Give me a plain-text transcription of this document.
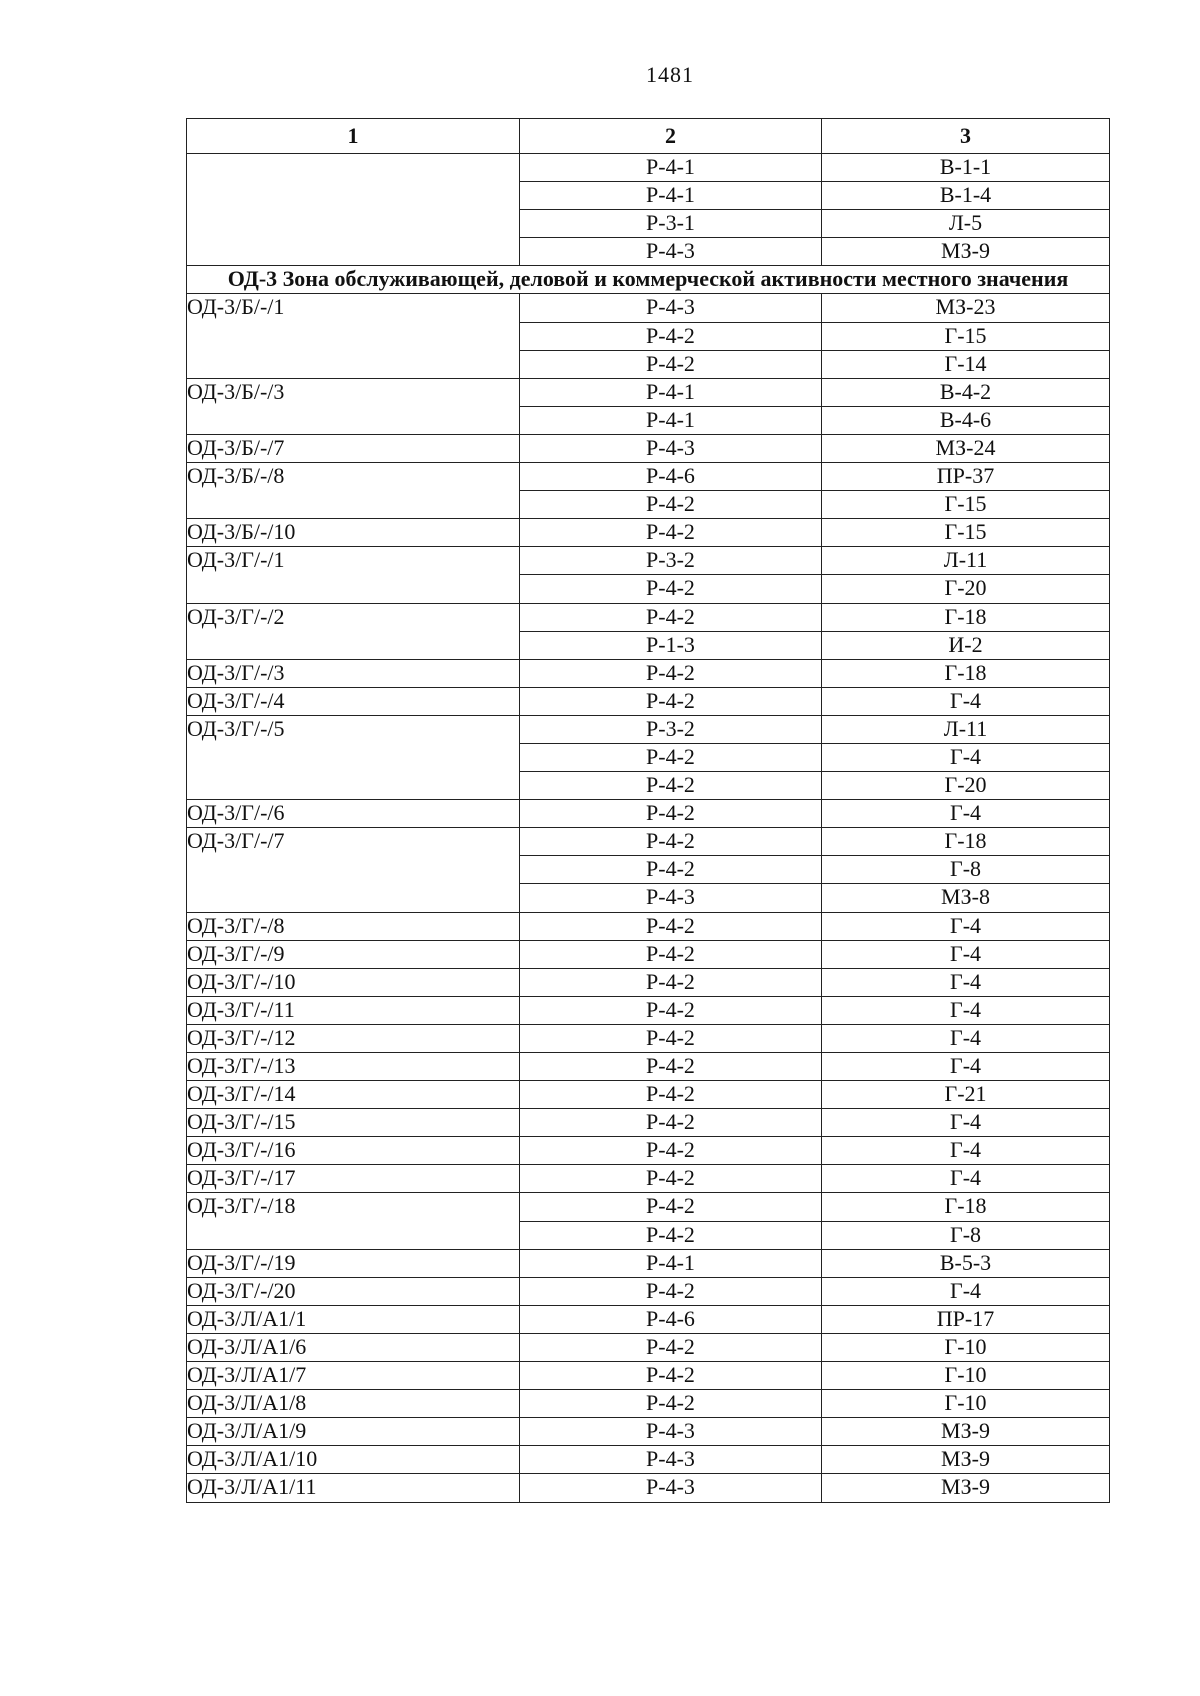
1481
1	2	3
	Р-4-1	В-1-1
	Р-4-1	В-1-4
	Р-3-1	Л-5
	Р-4-3	МЗ-9
ОД-3 Зона обслуживающей, деловой и коммерческой активности местного значения		
ОД-3/Б/-/1	Р-4-3	МЗ-23
	Р-4-2	Г-15
	Р-4-2	Г-14
ОД-3/Б/-/3	Р-4-1	В-4-2
	Р-4-1	В-4-6
ОД-3/Б/-/7	Р-4-3	МЗ-24
ОД-3/Б/-/8	Р-4-6	ПР-37
	Р-4-2	Г-15
ОД-3/Б/-/10	Р-4-2	Г-15
ОД-3/Г/-/1	Р-3-2	Л-11
	Р-4-2	Г-20
ОД-3/Г/-/2	Р-4-2	Г-18
	Р-1-3	И-2
ОД-3/Г/-/3	Р-4-2	Г-18
ОД-3/Г/-/4	Р-4-2	Г-4
ОД-3/Г/-/5	Р-3-2	Л-11
	Р-4-2	Г-4
	Р-4-2	Г-20
ОД-3/Г/-/6	Р-4-2	Г-4
ОД-3/Г/-/7	Р-4-2	Г-18
	Р-4-2	Г-8
	Р-4-3	МЗ-8
ОД-3/Г/-/8	Р-4-2	Г-4
ОД-3/Г/-/9	Р-4-2	Г-4
ОД-3/Г/-/10	Р-4-2	Г-4
ОД-3/Г/-/11	Р-4-2	Г-4
ОД-3/Г/-/12	Р-4-2	Г-4
ОД-3/Г/-/13	Р-4-2	Г-4
ОД-3/Г/-/14	Р-4-2	Г-21
ОД-3/Г/-/15	Р-4-2	Г-4
ОД-3/Г/-/16	Р-4-2	Г-4
ОД-3/Г/-/17	Р-4-2	Г-4
ОД-3/Г/-/18	Р-4-2	Г-18
	Р-4-2	Г-8
ОД-3/Г/-/19	Р-4-1	В-5-3
ОД-3/Г/-/20	Р-4-2	Г-4
ОД-3/Л/А1/1	Р-4-6	ПР-17
ОД-3/Л/А1/6	Р-4-2	Г-10
ОД-3/Л/А1/7	Р-4-2	Г-10
ОД-3/Л/А1/8	Р-4-2	Г-10
ОД-3/Л/А1/9	Р-4-3	МЗ-9
ОД-3/Л/А1/10	Р-4-3	МЗ-9
ОД-3/Л/А1/11	Р-4-3	МЗ-9
